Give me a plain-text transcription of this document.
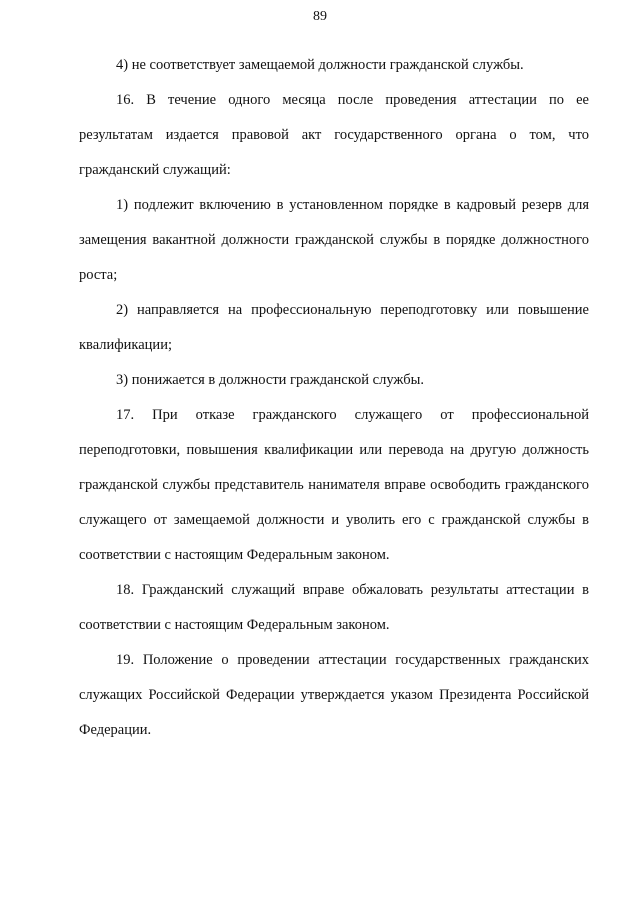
89

4) не соответствует замещаемой должности гражданской службы.

16. В течение одного месяца после проведения аттестации по ее результатам издается правовой акт государственного органа о том, что гражданский служащий:

1) подлежит включению в установленном порядке в кадровый резерв для замещения вакантной должности гражданской службы в порядке должностного роста;

2) направляется на профессиональную переподготовку или повышение квалификации;

3) понижается в должности гражданской службы.

17. При отказе гражданского служащего от профессиональной переподготовки, повышения квалификации или перевода на другую должность гражданской службы представитель нанимателя вправе освободить гражданского служащего от замещаемой должности и уволить его с гражданской службы в соответствии с настоящим Федеральным законом.

18. Гражданский служащий вправе обжаловать результаты аттестации в соответствии с настоящим Федеральным законом.

19. Положение о проведении аттестации государственных гражданских служащих Российской Федерации утверждается указом Президента Российской Федерации.
